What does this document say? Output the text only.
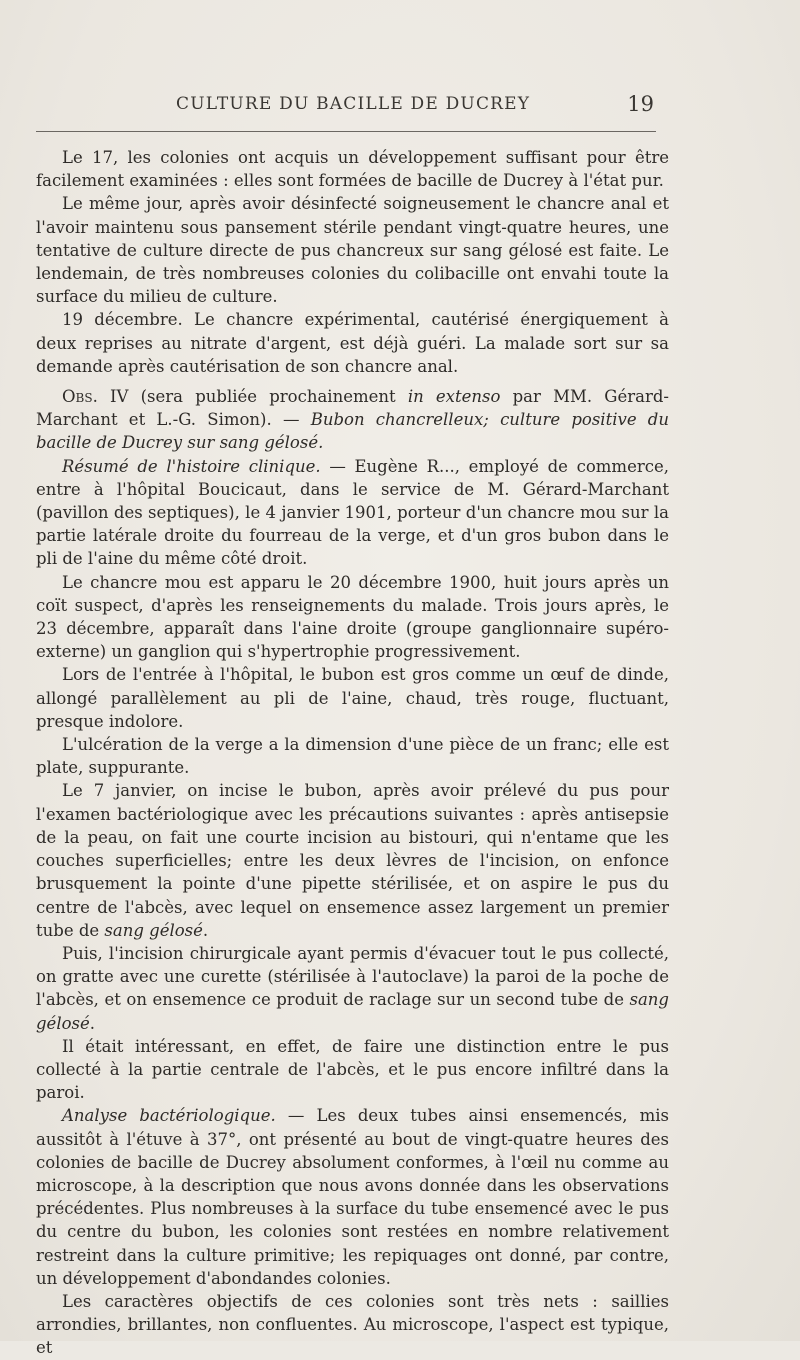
CULTURE DU BACILLE DE DUCREY	19

Le 17, les colonies ont acquis un développement suffisant pour être facilement examinées : elles sont formées de bacille de Ducrey à l'état pur.

Le même jour, après avoir désinfecté soigneusement le chancre anal et l'avoir maintenu sous pansement stérile pendant vingt-quatre heures, une tentative de culture directe de pus chancreux sur sang gélosé est faite. Le lendemain, de très nombreuses colonies du colibacille ont envahi toute la surface du milieu de culture.

19 décembre. Le chancre expérimental, cautérisé énergiquement à deux reprises au nitrate d'argent, est déjà guéri. La malade sort sur sa demande après cautérisation de son chancre anal.

Obs. IV (sera publiée prochainement in extenso par MM. Gérard-Marchant et L.-G. Simon). — Bubon chancrelleux; culture positive du bacille de Ducrey sur sang gélosé.

Résumé de l'histoire clinique. — Eugène R..., employé de commerce, entre à l'hôpital Boucicaut, dans le service de M. Gérard-Marchant (pavillon des septiques), le 4 janvier 1901, porteur d'un chancre mou sur la partie latérale droite du fourreau de la verge, et d'un gros bubon dans le pli de l'aine du même côté droit.

Le chancre mou est apparu le 20 décembre 1900, huit jours après un coït suspect, d'après les renseignements du malade. Trois jours après, le 23 décembre, apparaît dans l'aine droite (groupe ganglionnaire supéro-externe) un ganglion qui s'hypertrophie progressivement.

Lors de l'entrée à l'hôpital, le bubon est gros comme un œuf de dinde, allongé parallèlement au pli de l'aine, chaud, très rouge, fluctuant, presque indolore.

L'ulcération de la verge a la dimension d'une pièce de un franc; elle est plate, suppurante.

Le 7 janvier, on incise le bubon, après avoir prélevé du pus pour l'examen bactériologique avec les précautions suivantes : après antisepsie de la peau, on fait une courte incision au bistouri, qui n'entame que les couches superficielles; entre les deux lèvres de l'incision, on enfonce brusquement la pointe d'une pipette stérilisée, et on aspire le pus du centre de l'abcès, avec lequel on ensemence assez largement un premier tube de sang gélosé.

Puis, l'incision chirurgicale ayant permis d'évacuer tout le pus collecté, on gratte avec une curette (stérilisée à l'autoclave) la paroi de la poche de l'abcès, et on ensemence ce produit de raclage sur un second tube de sang gélosé.

Il était intéressant, en effet, de faire une distinction entre le pus collecté à la partie centrale de l'abcès, et le pus encore infiltré dans la paroi.

Analyse bactériologique. — Les deux tubes ainsi ensemencés, mis aussitôt à l'étuve à 37°, ont présenté au bout de vingt-quatre heures des colonies de bacille de Ducrey absolument conformes, à l'œil nu comme au microscope, à la description que nous avons donnée dans les observations précédentes. Plus nombreuses à la surface du tube ensemencé avec le pus du centre du bubon, les colonies sont restées en nombre relativement restreint dans la culture primitive; les repiquages ont donné, par contre, un développement d'abondandes colonies.

Les caractères objectifs de ces colonies sont très nets : saillies arrondies, brillantes, non confluentes. Au microscope, l'aspect est typique, et
